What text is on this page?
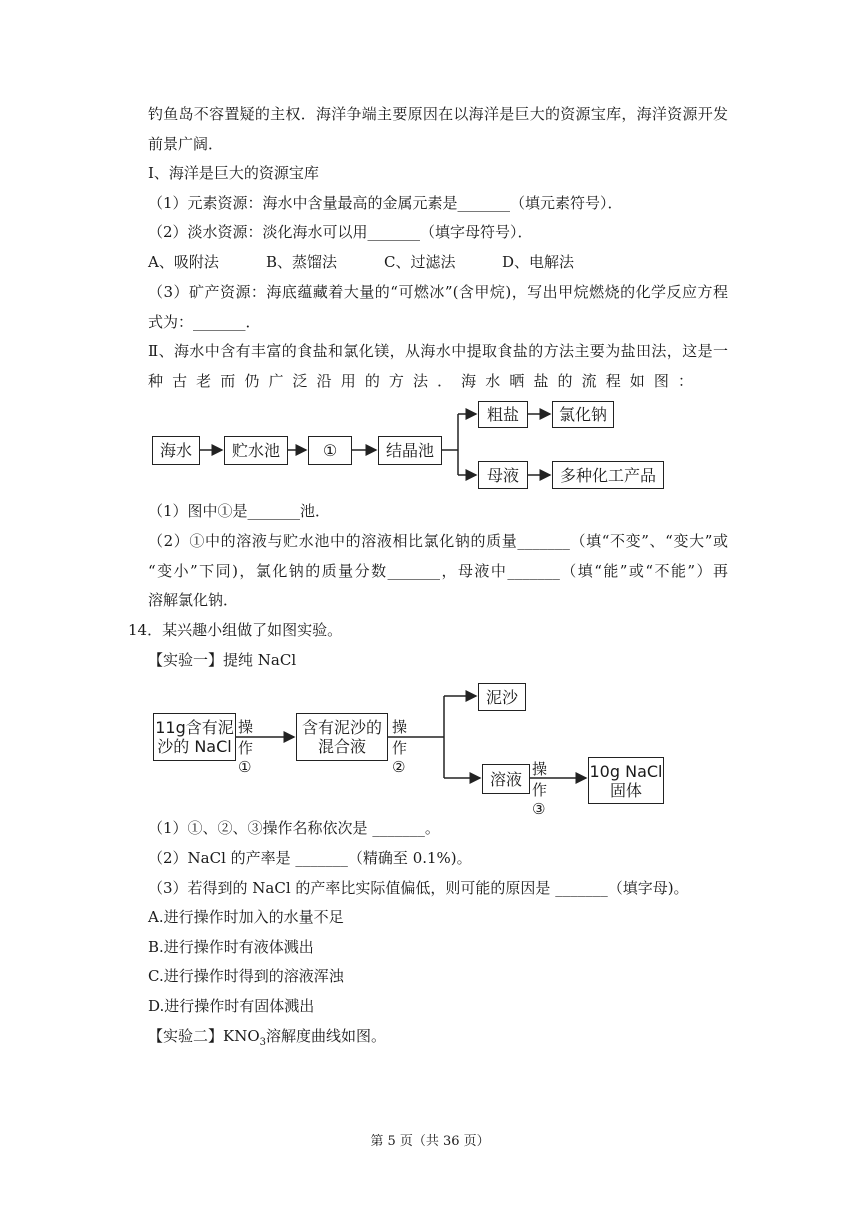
钓鱼岛不容置疑的主权．海洋争端主要原因在以海洋是巨大的资源宝库，海洋资源开发
前景广阔．
Ⅰ、海洋是巨大的资源宝库
（1）元素资源：海水中含量最高的金属元素是_______（填元素符号）．
（2）淡水资源：淡化海水可以用_______（填字母符号）．
A、吸附法	B、蒸馏法	C、过滤法	D、电解法
（3）矿产资源：海底蕴藏着大量的“可燃冰”(含甲烷)，写出甲烷燃烧的化学反应方程
式为：_______．
Ⅱ、海水中含有丰富的食盐和氯化镁，从海水中提取食盐的方法主要为盐田法，这是一
种古老而仍广泛沿用的方法．海水晒盐的流程如图：
海水	贮水池	①	结晶池
粗盐	氯化钠
母液	多种化工产品
（1）图中①是_______池．
（2）①中的溶液与贮水池中的溶液相比氯化钠的质量_______（填“不变”、“变大”或
“变小”下同)，氯化钠的质量分数_______，母液中_______（填“能”或“不能”）再
溶解氯化钠．
14．某兴趣小组做了如图实验。
【实验一】提纯 NaCl
11g含有泥
沙的 NaCl
操作①
含有泥沙的
混合液
操作②
泥沙
溶液
操作③
10g NaCl
固体
（1）①、②、③操作名称依次是 _______。
（2）NaCl 的产率是 _______（精确至 0.1%)。
（3）若得到的 NaCl 的产率比实际值偏低，则可能的原因是 _______（填字母)。
A.进行操作时加入的水量不足
B.进行操作时有液体溅出
C.进行操作时得到的溶液浑浊
D.进行操作时有固体溅出
【实验二】$KNO_3$溶解度曲线如图。
第 5 页（共 36 页）
